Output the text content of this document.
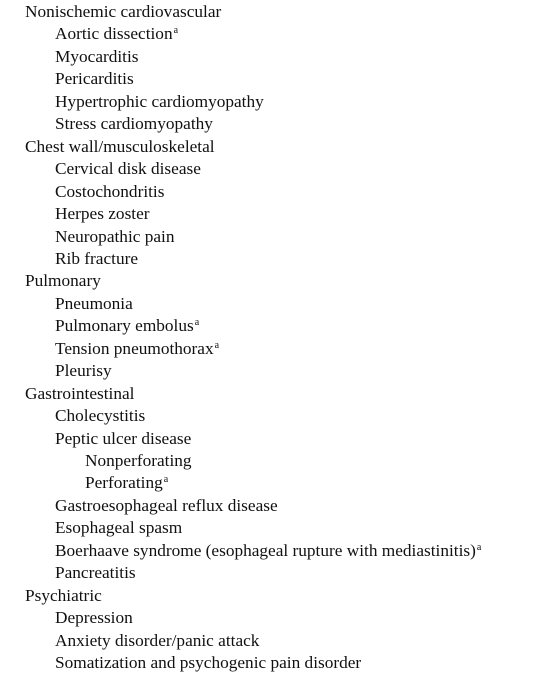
Nonischemic cardiovascular
Aortic dissection$^a$
Myocarditis
Pericarditis
Hypertrophic cardiomyopathy
Stress cardiomyopathy
Chest wall/musculoskeletal
Cervical disk disease
Costochondritis
Herpes zoster
Neuropathic pain
Rib fracture
Pulmonary
Pneumonia
Pulmonary embolus$^a$
Tension pneumothorax$^a$
Pleurisy
Gastrointestinal
Cholecystitis
Peptic ulcer disease
Nonperforating
Perforating$^a$
Gastroesophageal reflux disease
Esophageal spasm
Boerhaave syndrome (esophageal rupture with mediastinitis)$^a$
Pancreatitis
Psychiatric
Depression
Anxiety disorder/panic attack
Somatization and psychogenic pain disorder
